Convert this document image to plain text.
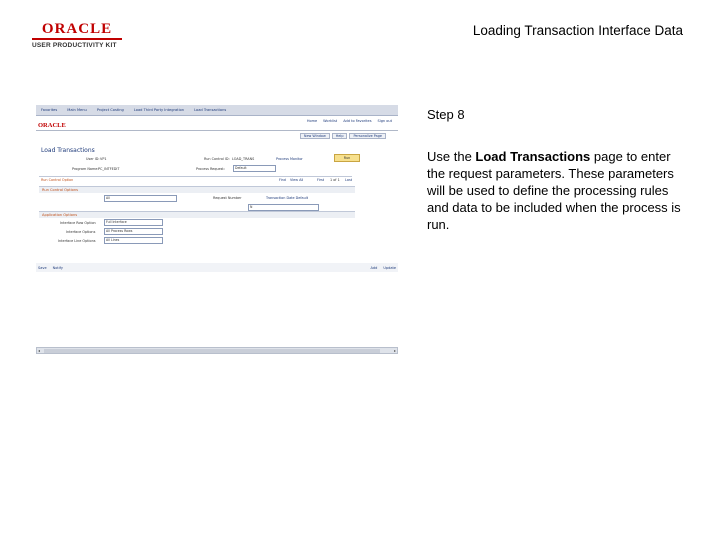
ORACLE
USER PRODUCTIVITY KIT
Loading Transaction Interface Data
Step 8
Use the Load Transactions page to enter the request parameters. These parameters will be used to define the processing rules and data to be included when the process is run.
Favorites	Main Menu	Project Costing	Load Third Party Integration	Load Transactions
ORACLE
Home Worklist Add to Favorites Sign out
New Window	Help	Personalize Page
Load Transactions
User ID: VP1	Run Control ID: LOAD_TRANS	Process Monitor	Run
Program Name: PC_INTFEDIT	Process Request:	Default
Run Control Option	Find View All	First 1 of 1 Last
Run Control Options
All	Request Number	Transaction Date Default
N
Application Options
Interface Row Option	Full Interface
Interface Options	All Process Rows
Interface Line Options	All Lines
Save Notify	Add Update
◂	▸
